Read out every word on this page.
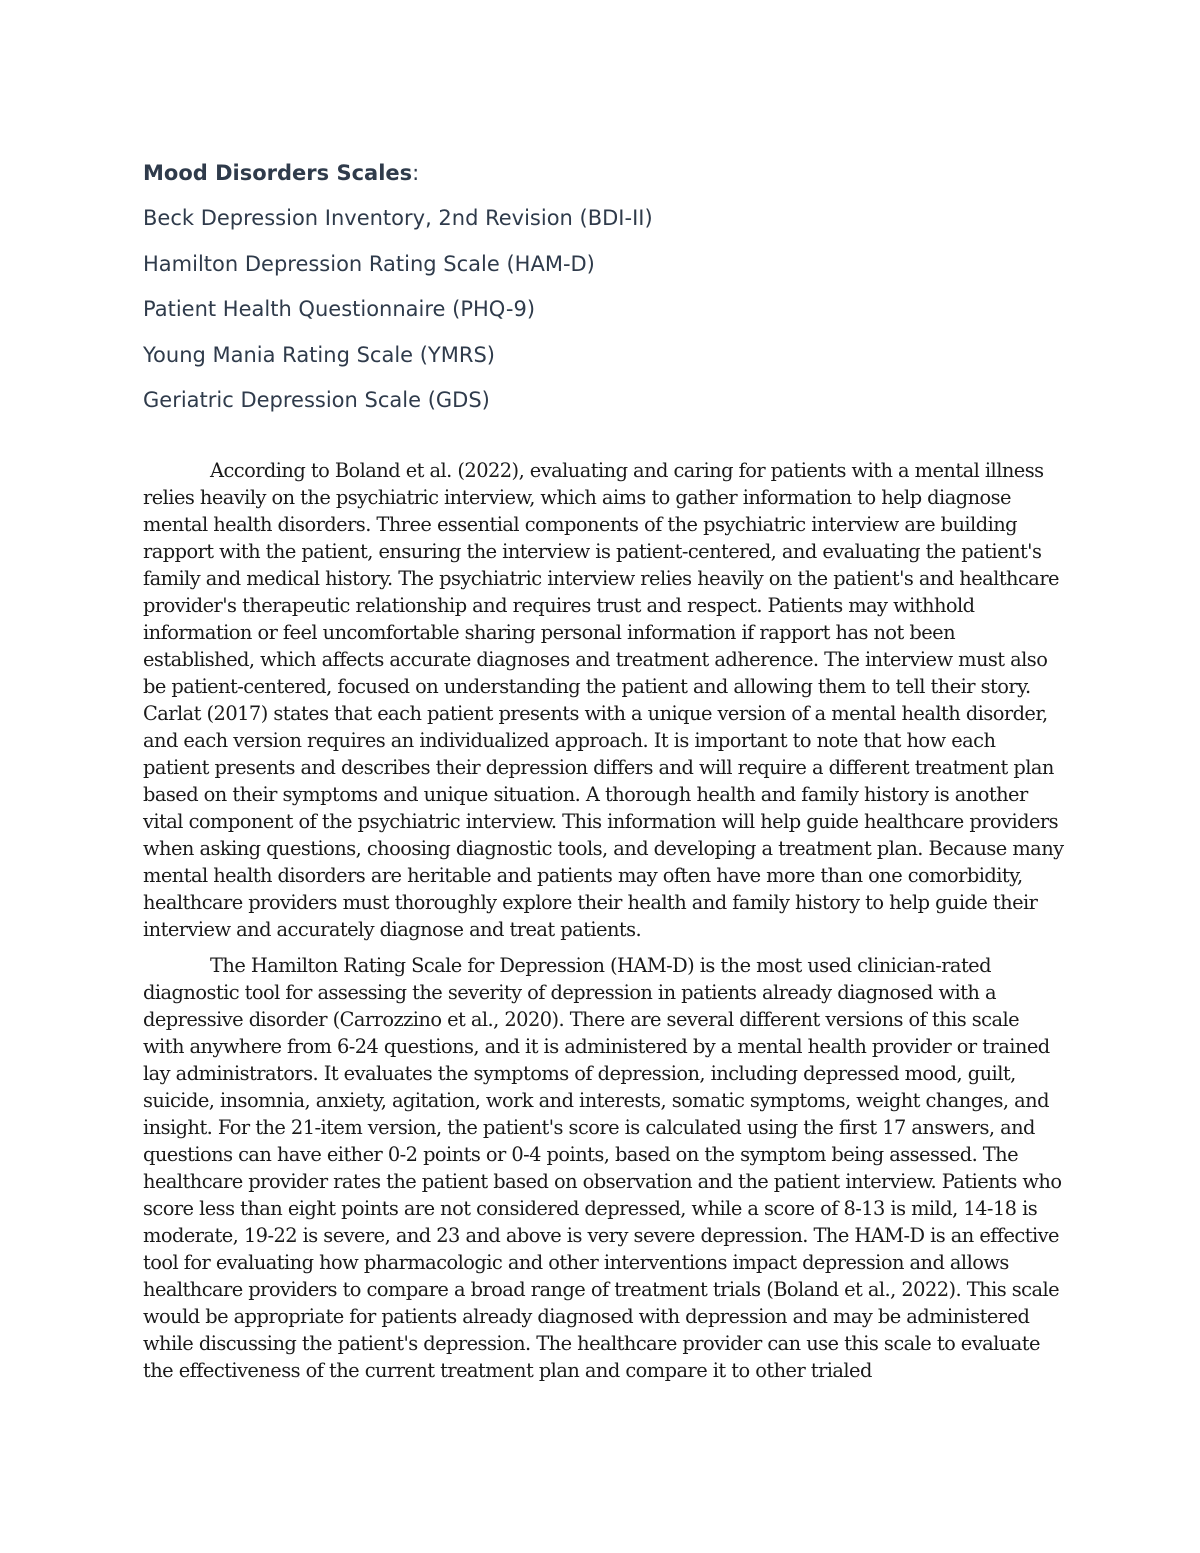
Mood Disorders Scales:

Beck Depression Inventory, 2nd Revision (BDI-II)

Hamilton Depression Rating Scale (HAM-D)

Patient Health Questionnaire (PHQ-9)

Young Mania Rating Scale (YMRS)

Geriatric Depression Scale (GDS)

According to Boland et al. (2022), evaluating and caring for patients with a mental illness relies heavily on the psychiatric interview, which aims to gather information to help diagnose mental health disorders. Three essential components of the psychiatric interview are building rapport with the patient, ensuring the interview is patient-centered, and evaluating the patient's family and medical history. The psychiatric interview relies heavily on the patient's and healthcare provider's therapeutic relationship and requires trust and respect. Patients may withhold information or feel uncomfortable sharing personal information if rapport has not been established, which affects accurate diagnoses and treatment adherence. The interview must also be patient-centered, focused on understanding the patient and allowing them to tell their story. Carlat (2017) states that each patient presents with a unique version of a mental health disorder, and each version requires an individualized approach. It is important to note that how each patient presents and describes their depression differs and will require a different treatment plan based on their symptoms and unique situation. A thorough health and family history is another vital component of the psychiatric interview. This information will help guide healthcare providers when asking questions, choosing diagnostic tools, and developing a treatment plan. Because many mental health disorders are heritable and patients may often have more than one comorbidity, healthcare providers must thoroughly explore their health and family history to help guide their interview and accurately diagnose and treat patients.

The Hamilton Rating Scale for Depression (HAM-D) is the most used clinician-rated diagnostic tool for assessing the severity of depression in patients already diagnosed with a depressive disorder (Carrozzino et al., 2020). There are several different versions of this scale with anywhere from 6-24 questions, and it is administered by a mental health provider or trained lay administrators. It evaluates the symptoms of depression, including depressed mood, guilt, suicide, insomnia, anxiety, agitation, work and interests, somatic symptoms, weight changes, and insight. For the 21-item version, the patient's score is calculated using the first 17 answers, and questions can have either 0-2 points or 0-4 points, based on the symptom being assessed. The healthcare provider rates the patient based on observation and the patient interview. Patients who score less than eight points are not considered depressed, while a score of 8-13 is mild, 14-18 is moderate, 19-22 is severe, and 23 and above is very severe depression. The HAM-D is an effective tool for evaluating how pharmacologic and other interventions impact depression and allows healthcare providers to compare a broad range of treatment trials (Boland et al., 2022). This scale would be appropriate for patients already diagnosed with depression and may be administered while discussing the patient's depression. The healthcare provider can use this scale to evaluate the effectiveness of the current treatment plan and compare it to other trialed
